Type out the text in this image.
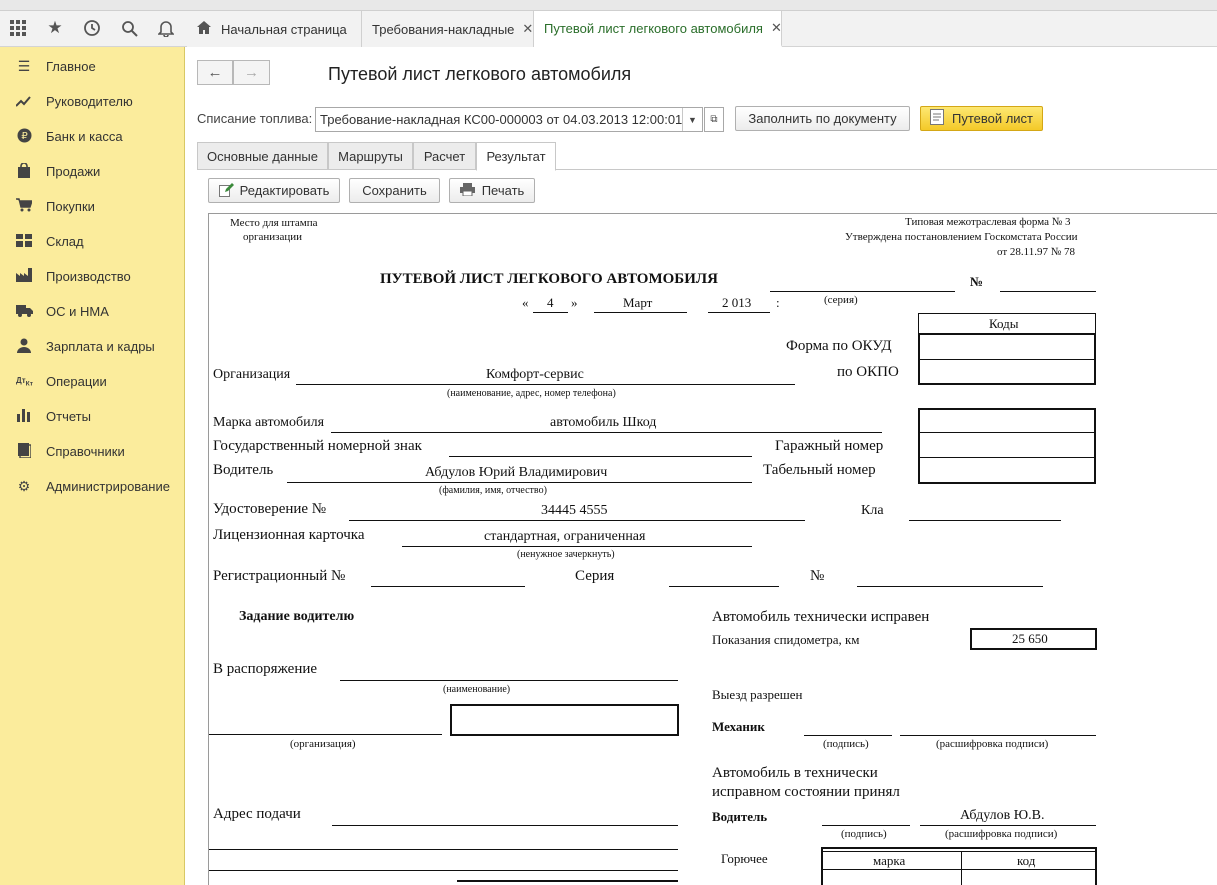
★	Начальная страница Требования-накладные ✕ Путевой лист легкового автомобиля ✕
☰ Главное
Руководителю
₽ Банк и касса
Продажи
Покупки
Склад
Производство
ОС и НМА
Зарплата и кадры
$Дт_{Кт}$ Операции
Отчеты
Справочники
⚙ Администрирование
← →	Путевой лист легкового автомобиля
Списание топлива: Требование-накладная КС00-000003 от 04.03.2013 12:00:01 ▼	⧉	Заполнить по документу	Путевой лист
Основные данные	Маршруты	Расчет	Результат
Редактировать	Сохранить	Печать
Место для штампа
организации
Типовая межотраслевая форма № 3
Утверждена постановлением Госкомстата России
от 28.11.97 № 78
ПУТЕВОЙ ЛИСТ ЛЕГКОВОГО АВТОМОБИЛЯ	№
« 4 »	Март	2 013 :	(серия)
Коды
Форма по ОКУД
по ОКПО
Организация	Комфорт-сервис
(наименование, адрес, номер телефона)
Марка автомобиля	автомобиль Шкод
Государственный номерной знак	Гаражный номер
Водитель	Абдулов Юрий Владимирович	Табельный номер
(фамилия, имя, отчество)
Удостоверение №	34445 4555	Кла
Лицензионная карточка	стандартная, ограниченная
(ненужное зачеркнуть)
Регистрационный №	Серия	№
Задание водителю	Автомобиль технически исправен
Показания спидометра, км	25 650
В распоряжение
(наименование)	Выезд разрешен
(организация)
Механик
(подпись)	(расшифровка подписи)
Автомобиль в технически
исправном состоянии принял
Адрес подачи	Водитель	Абдулов Ю.В.
(подпись)	(расшифровка подписи)
Горючее	марка	код
